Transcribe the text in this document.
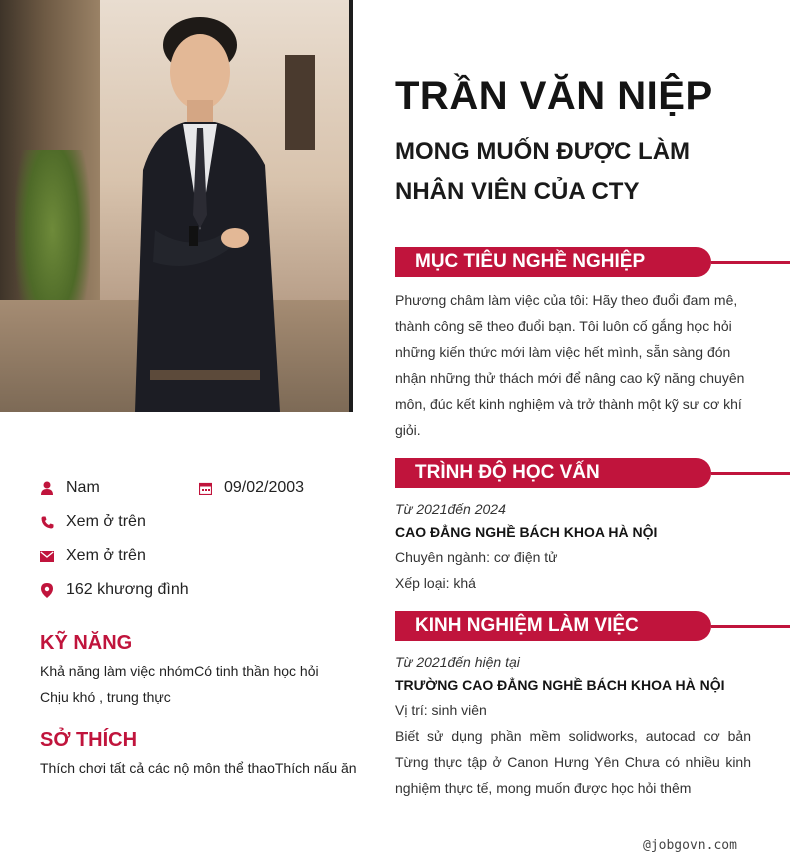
TRẦN VĂN NIỆP
MONG MUỐN ĐƯỢC LÀM
NHÂN VIÊN CỦA CTY
Nam	09/02/2003
Xem ở trên
Xem ở trên
162 khương đình
KỸ NĂNG
Khả năng làm việc nhómCó tinh thần học hỏi
Chịu khó , trung thực
SỞ THÍCH
Thích chơi tất cả các nộ môn thể thaoThích nấu ăn
MỤC TIÊU NGHỀ NGHIỆP

Phương châm làm việc của tôi: Hãy theo đuổi đam mê, thành công sẽ theo đuổi bạn. Tôi luôn cố gắng học hỏi những kiến thức mới làm việc hết mình, sẵn sàng đón nhận những thử thách mới để nâng cao kỹ năng chuyên môn, đúc kết kinh nghiệm và trở thành một kỹ sư cơ khí giỏi.

TRÌNH ĐỘ HỌC VẤN
Từ 2021đến 2024
CAO ĐẲNG NGHỀ BÁCH KHOA HÀ NỘI
Chuyên ngành: cơ điện tử
Xếp loại: khá
KINH NGHIỆM LÀM VIỆC
Từ 2021đến hiện tại
TRƯỜNG CAO ĐẲNG NGHỀ BÁCH KHOA HÀ NỘI
Vị trí: sinh viên

Biết sử dụng phần mềm solidworks, autocad cơ bản Từng thực tập ở Canon Hưng Yên Chưa có nhiều kinh nghiệm thực tế, mong muốn được học hỏi thêm

@jobgovn.com
